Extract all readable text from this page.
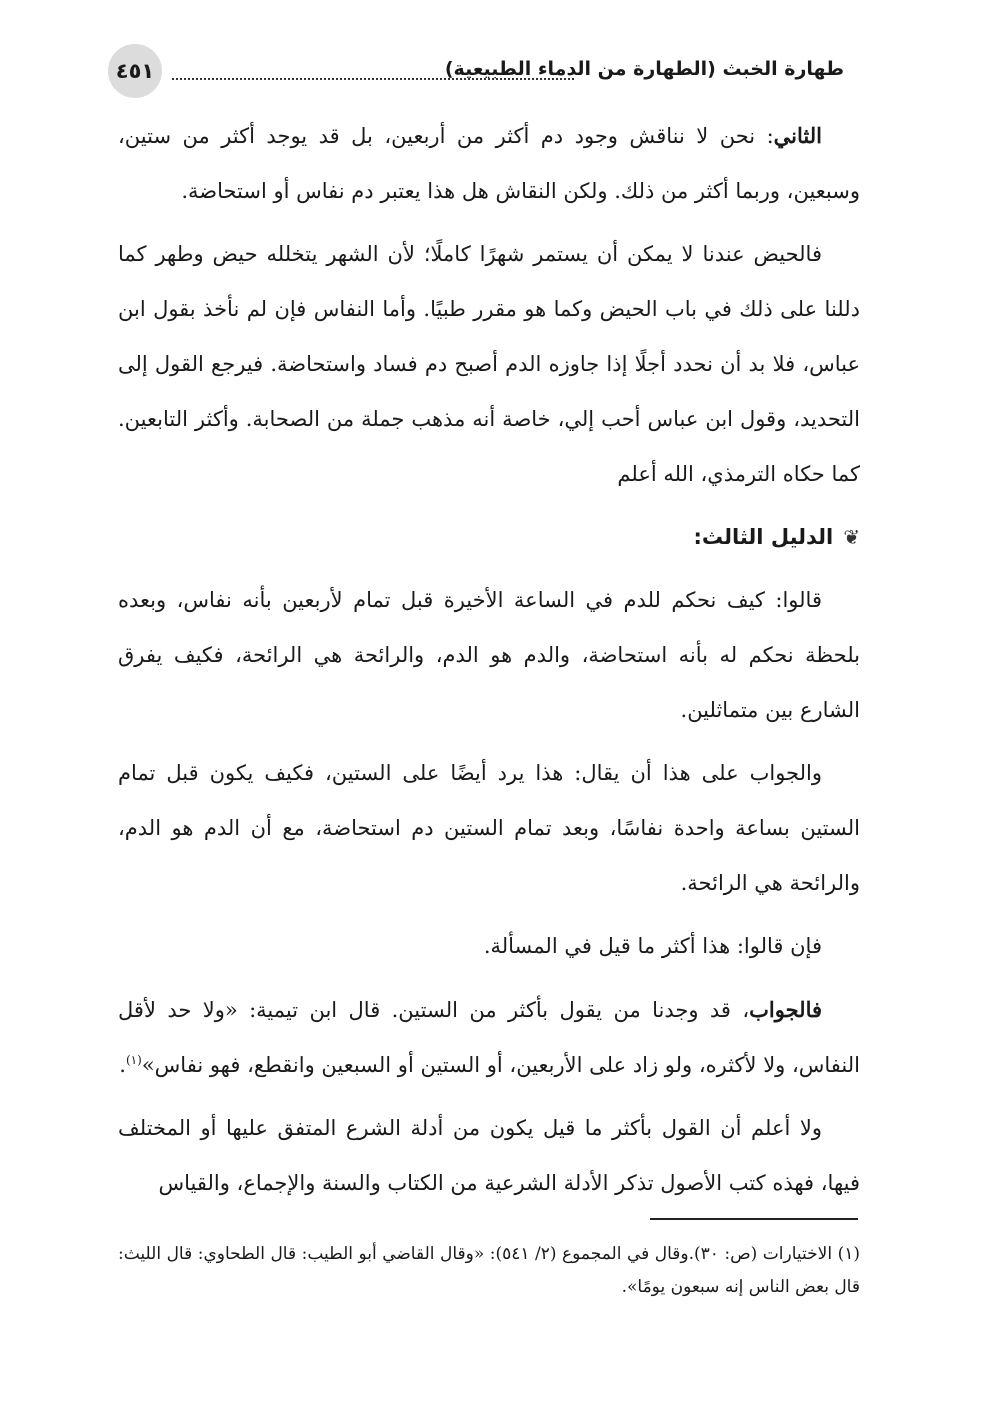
طهارة الخبث (الطهارة من الدماء الطبيعية)
٤٥١

الثاني: نحن لا نناقش وجود دم أكثر من أربعين، بل قد يوجد أكثر من ستين، وسبعين، وربما أكثر من ذلك. ولكن النقاش هل هذا يعتبر دم نفاس أو استحاضة.

فالحيض عندنا لا يمكن أن يستمر شهرًا كاملًا؛ لأن الشهر يتخلله حيض وطهر كما دللنا على ذلك في باب الحيض وكما هو مقرر طبيًا. وأما النفاس فإن لم نأخذ بقول ابن عباس، فلا بد أن نحدد أجلًا إذا جاوزه الدم أصبح دم فساد واستحاضة. فيرجع القول إلى التحديد، وقول ابن عباس أحب إلي، خاصة أنه مذهب جملة من الصحابة. وأكثر التابعين. كما حكاه الترمذي، الله أعلم

❦
الدليل الثالث:

قالوا: كيف نحكم للدم في الساعة الأخيرة قبل تمام لأربعين بأنه نفاس، وبعده بلحظة نحكم له بأنه استحاضة، والدم هو الدم، والرائحة هي الرائحة، فكيف يفرق الشارع بين متماثلين.

والجواب على هذا أن يقال: هذا يرد أيضًا على الستين، فكيف يكون قبل تمام الستين بساعة واحدة نفاسًا، وبعد تمام الستين دم استحاضة، مع أن الدم هو الدم، والرائحة هي الرائحة.

فإن قالوا: هذا أكثر ما قيل في المسألة.

فالجواب، قد وجدنا من يقول بأكثر من الستين. قال ابن تيمية: «ولا حد لأقل النفاس، ولا لأكثره، ولو زاد على الأربعين، أو الستين أو السبعين وانقطع، فهو نفاس»$^{(١)}$.

ولا أعلم أن القول بأكثر ما قيل يكون من أدلة الشرع المتفق عليها أو المختلف فيها، فهذه كتب الأصول تذكر الأدلة الشرعية من الكتاب والسنة والإجماع، والقياس

(١) الاختيارات (ص: ٣٠).وقال في المجموع (٢/ ٥٤١): «وقال القاضي أبو الطيب: قال الطحاوي: قال الليث: قال بعض الناس إنه سبعون يومًا».
